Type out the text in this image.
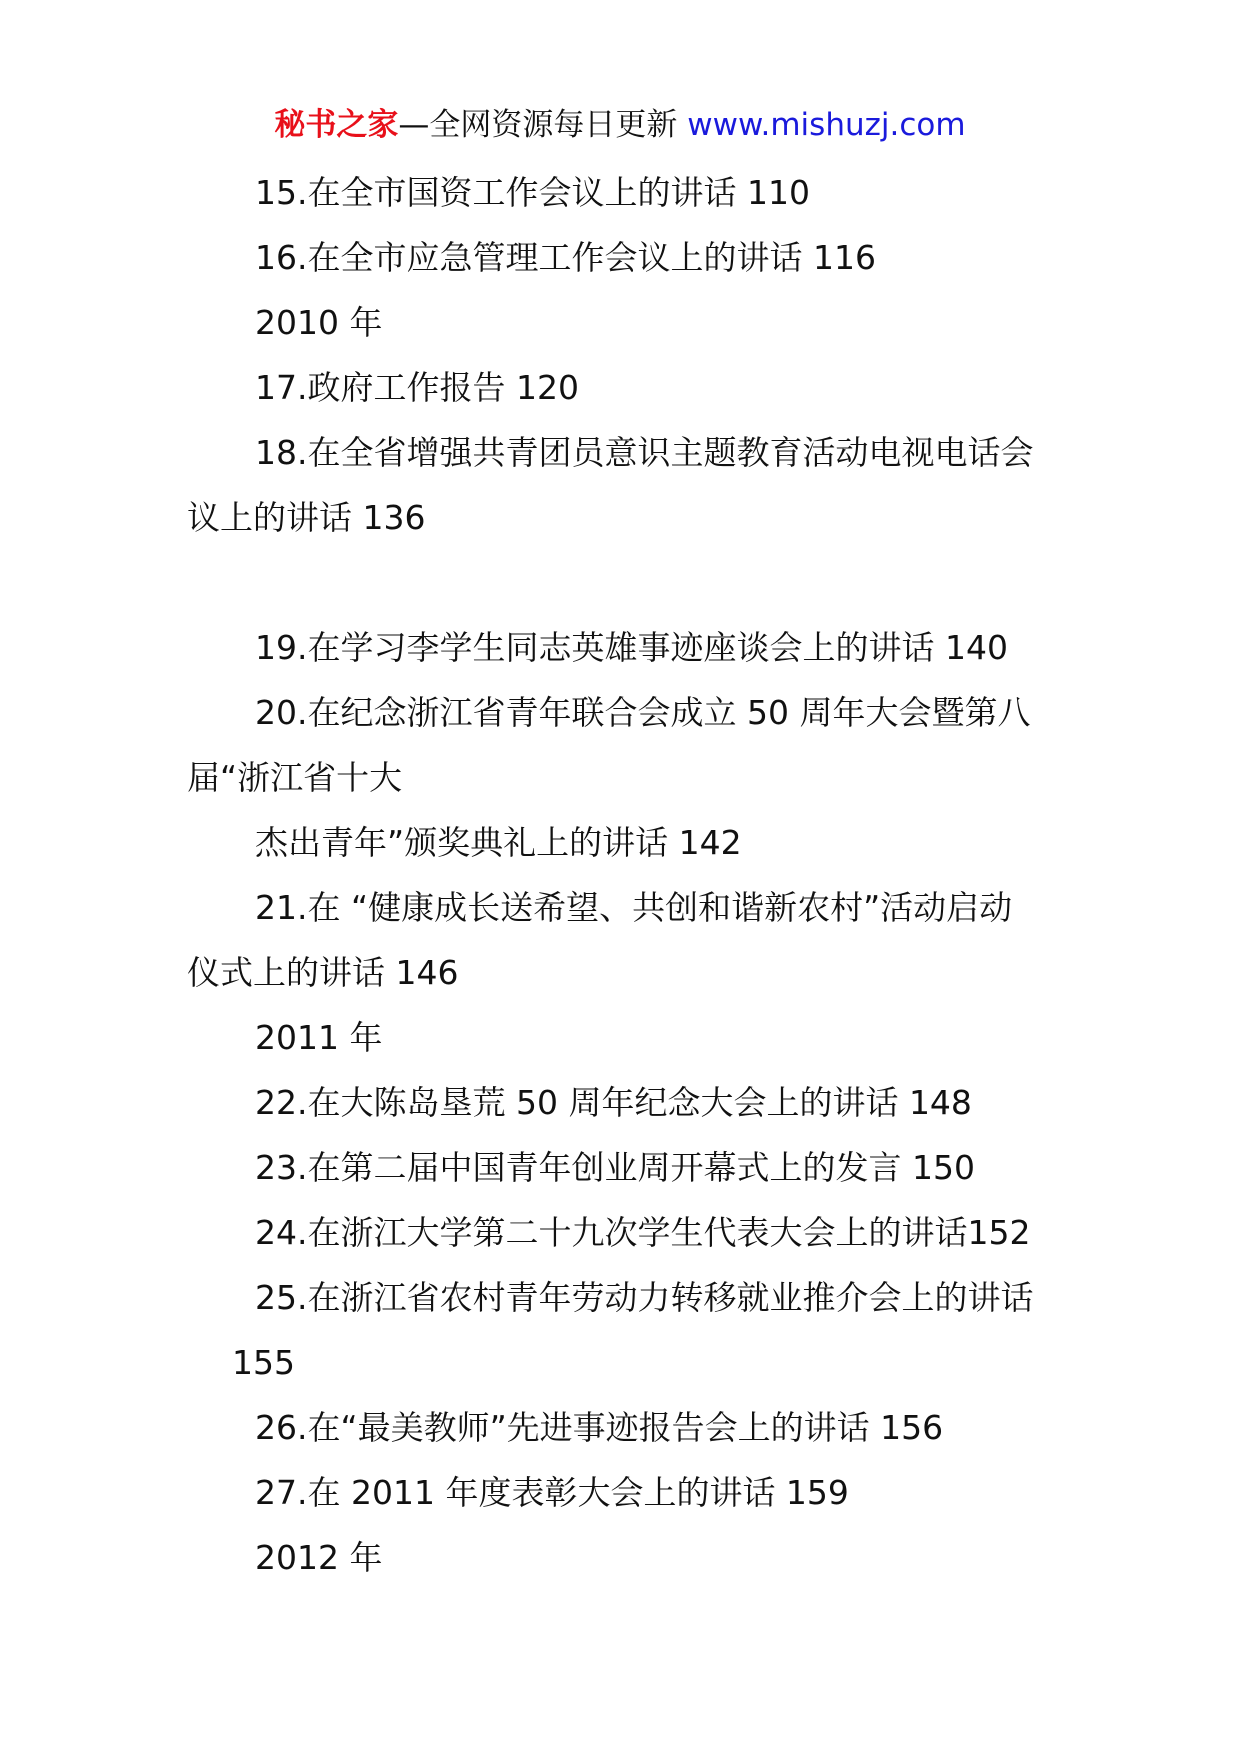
秘书之家—全网资源每日更新 www.mishuzj.com
15.在全市国资工作会议上的讲话 110
16.在全市应急管理工作会议上的讲话 116
2010 年
17.政府工作报告 120
18.在全省增强共青团员意识主题教育活动电视电话会
议上的讲话 136
19.在学习李学生同志英雄事迹座谈会上的讲话 140
20.在纪念浙江省青年联合会成立 50 周年大会暨第八
届“浙江省十大
杰出青年”颁奖典礼上的讲话 142
21.在 “健康成长送希望、共创和谐新农村”活动启动
仪式上的讲话 146
2011 年
22.在大陈岛垦荒 50 周年纪念大会上的讲话 148
23.在第二届中国青年创业周开幕式上的发言 150
24.在浙江大学第二十九次学生代表大会上的讲话152
25.在浙江省农村青年劳动力转移就业推介会上的讲话
155
26.在“最美教师”先进事迹报告会上的讲话 156
27.在 2011 年度表彰大会上的讲话 159
2012 年
